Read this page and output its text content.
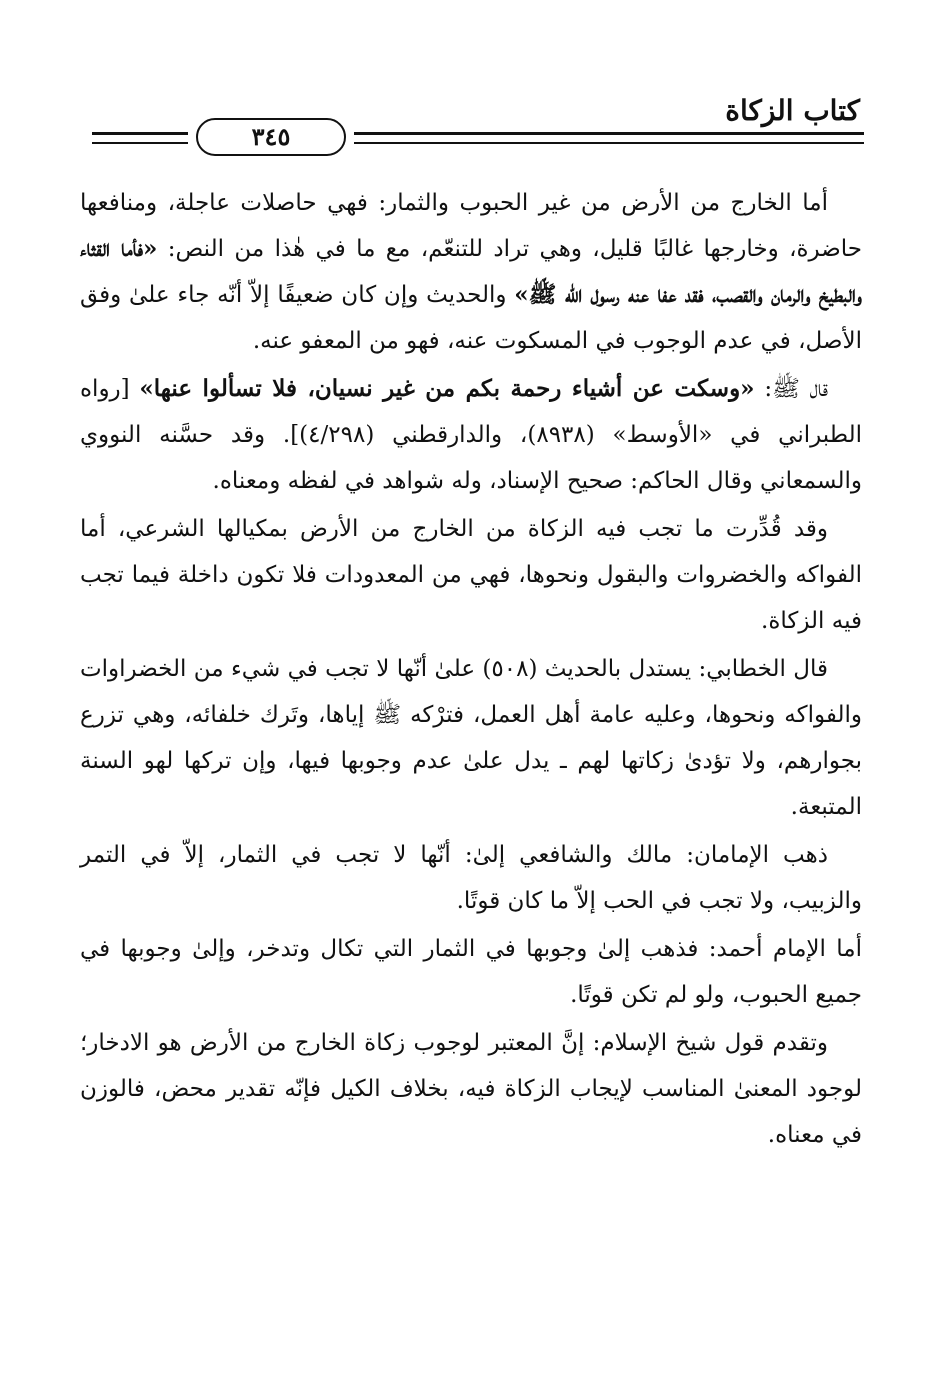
كتاب الزكاة
٣٤٥

أما الخارج من الأرض من غير الحبوب والثمار: فهي حاصلات عاجلة، ومنافعها حاضرة، وخارجها غالبًا قليل، وهي تراد للتنعّم، مع ما في هٰذا من النص: «فأما القثاء والبطيخ والرمان والقصب، فقد عفا عنه رسول الله ﷺ» والحديث وإن كان ضعيفًا إلاّ أنّه جاء علىٰ وفق الأصل، في عدم الوجوب في المسكوت عنه، فهو من المعفو عنه.

قال ﷺ: «وسكت عن أشياء رحمة بكم من غير نسيان، فلا تسألوا عنها» [رواه الطبراني في «الأوسط» (٨٩٣٨)، والدارقطني (٤/٢٩٨)]. وقد حسَّنه النووي والسمعاني وقال الحاكم: صحيح الإسناد، وله شواهد في لفظه ومعناه.

وقد قُدِّرت ما تجب فيه الزكاة من الخارج من الأرض بمكيالها الشرعي، أما الفواكه والخضروات والبقول ونحوها، فهي من المعدودات فلا تكون داخلة فيما تجب فيه الزكاة.

قال الخطابي: يستدل بالحديث (٥٠٨) علىٰ أنّها لا تجب في شيء من الخضراوات والفواكه ونحوها، وعليه عامة أهل العمل، فترْكه ﷺ إياها، وتَرك خلفائه، وهي تزرع بجوارهم، ولا تؤدىٰ زكاتها لهم ـ يدل علىٰ عدم وجوبها فيها، وإن تركها لهو السنة المتبعة.

ذهب الإمامان: مالك والشافعي إلىٰ: أنّها لا تجب في الثمار، إلاّ في التمر والزبيب، ولا تجب في الحب إلاّ ما كان قوتًا.

أما الإمام أحمد: فذهب إلىٰ وجوبها في الثمار التي تكال وتدخر، وإلىٰ وجوبها في جميع الحبوب، ولو لم تكن قوتًا.

وتقدم قول شيخ الإسلام: إنَّ المعتبر لوجوب زكاة الخارج من الأرض هو الادخار؛ لوجود المعنىٰ المناسب لإيجاب الزكاة فيه، بخلاف الكيل فإنّه تقدير محض، فالوزن في معناه.
